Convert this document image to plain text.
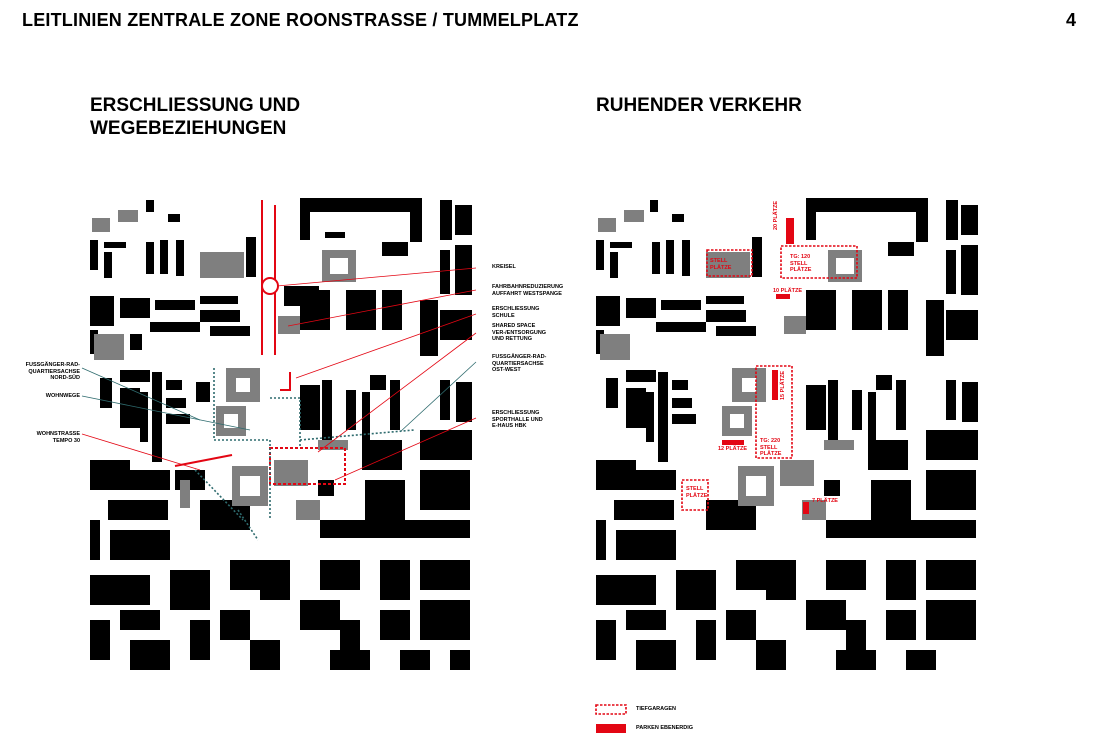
LEITLINIEN ZENTRALE ZONE ROONSTRASSE / TUMMELPLATZ	4
ERSCHLIESSUNG UND
WEGEBEZIEHUNGEN
RUHENDER VERKEHR
KREISEL
FAHRBAHNREDUZIERUNG
AUFFAHRT WESTSPANGE
ERSCHLIESSUNG
SCHULE
SHARED SPACE
VER-/ENTSORGUNG
UND RETTUNG
FUSSGÄNGER-RAD-
QUARTIERSACHSE
OST-WEST
ERSCHLIESSUNG
SPORTHALLE UND
E-HAUS HBK
FUSSGÄNGER-RAD-
QUARTIERSACHSE
NORD-SÜD
WOHNWEGE
WOHNSTRASSE
TEMPO 30
20 PLÄTZE
TG: 120 STELL PLÄTZE
10 PLÄTZE
15 PLÄTZE
TG: 220 STELL PLÄTZE
12 PLÄTZE
7 PLÄTZE
STELL PLÄTZE
STELL PLÄTZE
TIEFGARAGEN
PARKEN EBENERDIG
